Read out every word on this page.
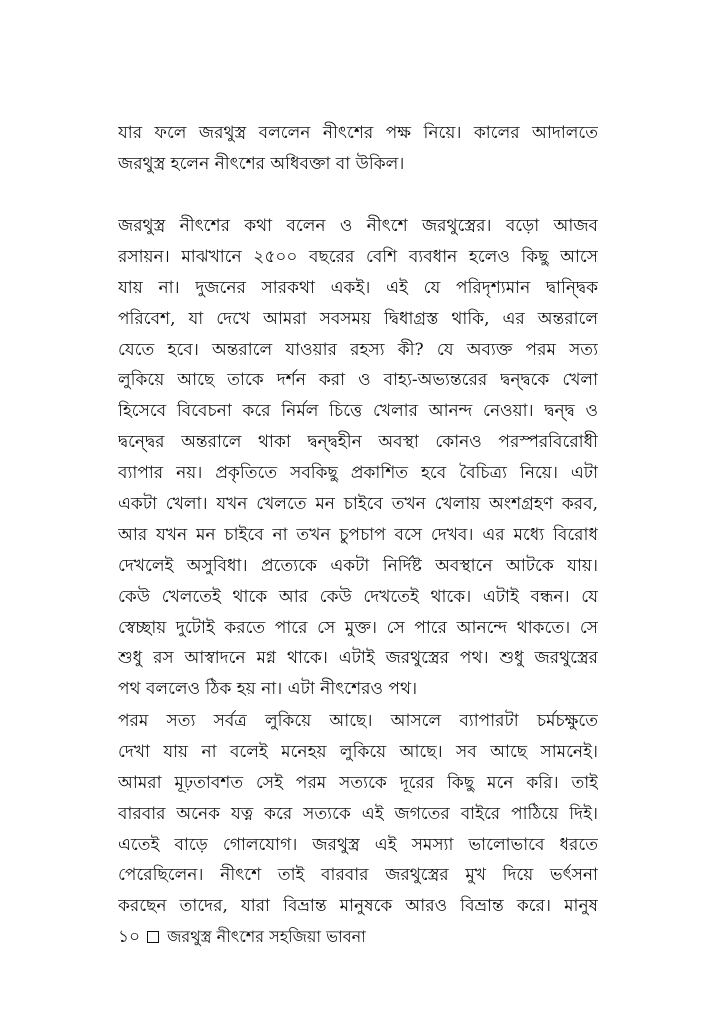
যার ফলে জরথুস্ত্র বললেন নীৎশের পক্ষ নিয়ে। কালের আদালতে
জরথুস্ত্র হলেন নীৎশের অধিবক্তা বা উকিল।
জরথুস্ত্র নীৎশের কথা বলেন ও নীৎশে জরথুস্ত্রের। বড়ো আজব
রসায়ন। মাঝখানে ২৫০০ বছরের বেশি ব্যবধান হলেও কিছু আসে
যায় না। দুজনের সারকথা একই। এই যে পরিদৃশ্যমান দ্বান্দ্বিক
পরিবেশ, যা দেখে আমরা সবসময় দ্বিধাগ্রস্ত থাকি, এর অন্তরালে
যেতে হবে। অন্তরালে যাওয়ার রহস্য কী? যে অব্যক্ত পরম সত্য
লুকিয়ে আছে তাকে দর্শন করা ও বাহ্য-অভ্যন্তরের দ্বন্দ্বকে খেলা
হিসেবে বিবেচনা করে নির্মল চিত্তে খেলার আনন্দ নেওয়া। দ্বন্দ্ব ও
দ্বন্দ্বের অন্তরালে থাকা দ্বন্দ্বহীন অবস্থা কোনও পরস্পরবিরোধী
ব্যাপার নয়। প্রকৃতিতে সবকিছু প্রকাশিত হবে বৈচিত্র্য নিয়ে। এটা
একটা খেলা। যখন খেলতে মন চাইবে তখন খেলায় অংশগ্রহণ করব,
আর যখন মন চাইবে না তখন চুপচাপ বসে দেখব। এর মধ্যে বিরোধ
দেখলেই অসুবিধা। প্রত্যেকে একটা নির্দিষ্ট অবস্থানে আটকে যায়।
কেউ খেলতেই থাকে আর কেউ দেখতেই থাকে। এটাই বন্ধন। যে
স্বেচ্ছায় দুটোই করতে পারে সে মুক্ত। সে পারে আনন্দে থাকতে। সে
শুধু রস আস্বাদনে মগ্ন থাকে। এটাই জরথুস্ত্রের পথ। শুধু জরথুস্ত্রের
পথ বললেও ঠিক হয় না। এটা নীৎশেরও পথ।
পরম সত্য সর্বত্র লুকিয়ে আছে। আসলে ব্যাপারটা চর্মচক্ষুতে
দেখা যায় না বলেই মনেহয় লুকিয়ে আছে। সব আছে সামনেই।
আমরা মূঢ়তাবশত সেই পরম সত্যকে দূরের কিছু মনে করি। তাই
বারবার অনেক যত্ন করে সত্যকে এই জগতের বাইরে পাঠিয়ে দিই।
এতেই বাড়ে গোলযোগ। জরথুস্ত্র এই সমস্যা ভালোভাবে ধরতে
পেরেছিলেন। নীৎশে তাই বারবার জরথুস্ত্রের মুখ দিয়ে ভর্ৎসনা
করছেন তাদের, যারা বিভ্রান্ত মানুষকে আরও বিভ্রান্ত করে। মানুষ
১০ জরথুস্ত্র নীৎশের সহজিয়া ভাবনা
